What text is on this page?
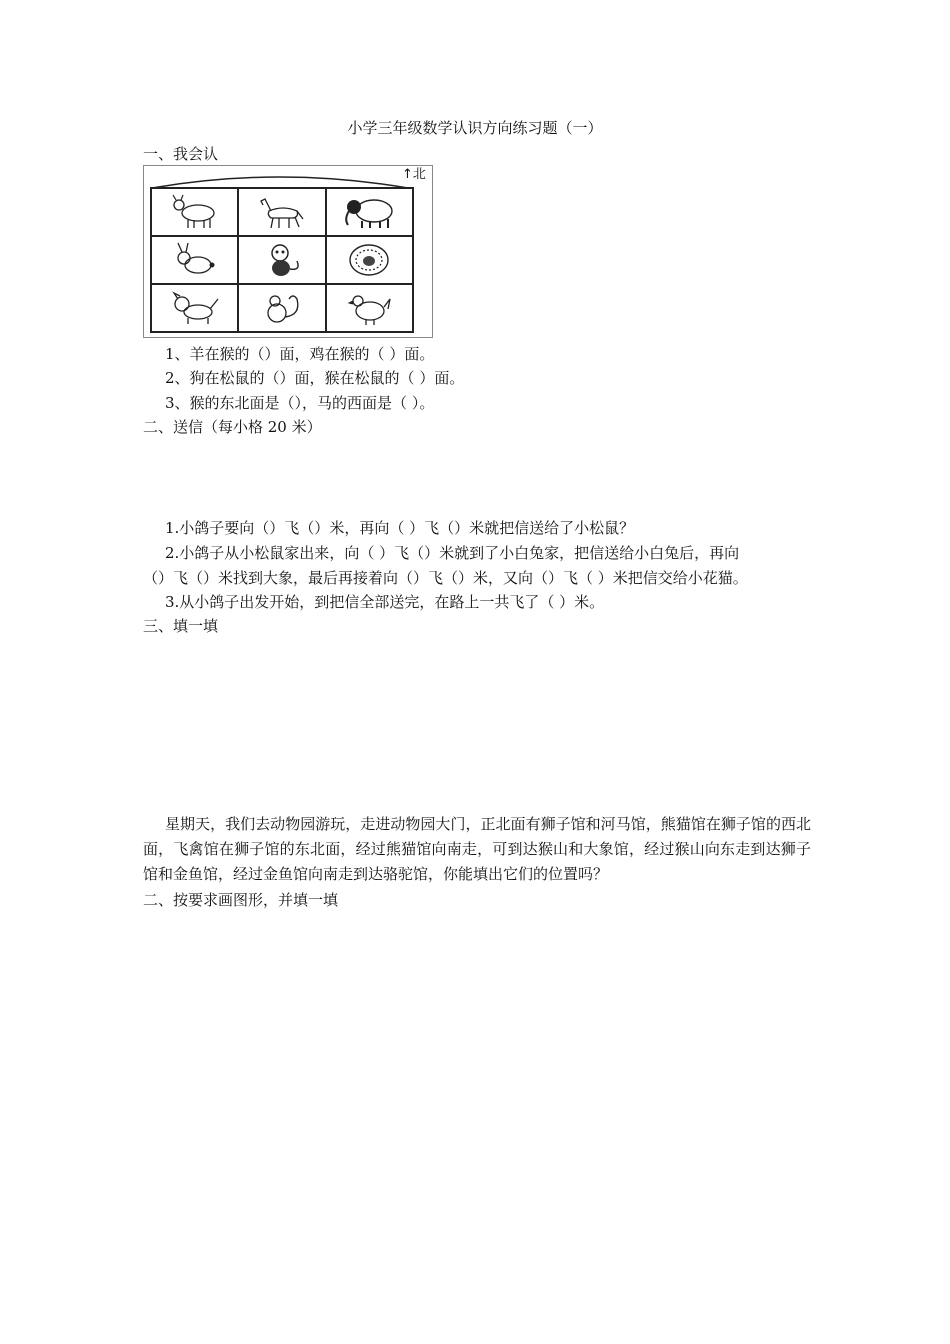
小学三年级数学认识方向练习题（一）
一、我会认
↑北
1、羊在猴的（）面，鸡在猴的（ ）面。
2、狗在松鼠的（）面，猴在松鼠的（ ）面。
3、猴的东北面是（），马的西面是（ ）。
二、送信（每小格 20 米）
1.小鸽子要向（）飞（）米，再向（ ）飞（）米就把信送给了小松鼠？
2.小鸽子从小松鼠家出来，向（ ）飞（）米就到了小白兔家，把信送给小白兔后，再向
（）飞（）米找到大象，最后再接着向（）飞（）米，又向（）飞（ ）米把信交给小花猫。
3.从小鸽子出发开始，到把信全部送完，在路上一共飞了（ ）米。
三、填一填
星期天，我们去动物园游玩，走进动物园大门，正北面有狮子馆和河马馆，熊猫馆在狮子馆的西北面，飞禽馆在狮子馆的东北面，经过熊猫馆向南走，可到达猴山和大象馆，经过猴山向东走到达狮子馆和金鱼馆，经过金鱼馆向南走到达骆驼馆，你能填出它们的位置吗？
二、按要求画图形，并填一填
